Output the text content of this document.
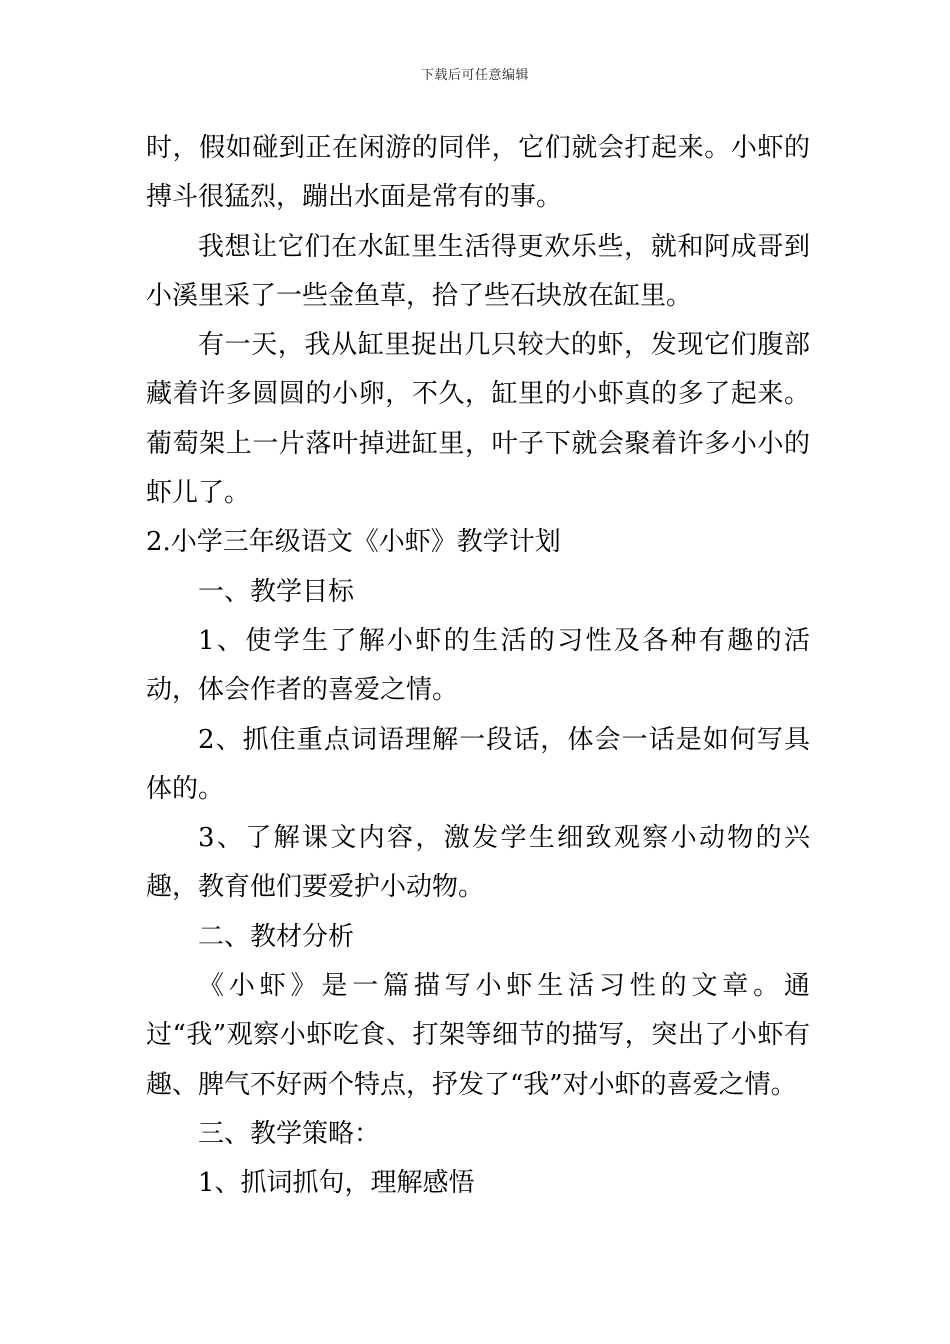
下载后可任意编辑

时，假如碰到正在闲游的同伴，它们就会打起来。小虾的搏斗很猛烈，蹦出水面是常有的事。

我想让它们在水缸里生活得更欢乐些，就和阿成哥到小溪里采了一些金鱼草，拾了些石块放在缸里。

有一天，我从缸里捉出几只较大的虾，发现它们腹部藏着许多圆圆的小卵，不久，缸里的小虾真的多了起来。葡萄架上一片落叶掉进缸里，叶子下就会聚着许多小小的虾儿了。

2.小学三年级语文《小虾》教学计划

一、教学目标

1、使学生了解小虾的生活的习性及各种有趣的活动，体会作者的喜爱之情。

2、抓住重点词语理解一段话，体会一话是如何写具体的。

3、了解课文内容，激发学生细致观察小动物的兴趣，教育他们要爱护小动物。

二、教材分析

《小虾》是一篇描写小虾生活习性的文章。通过“我”观察小虾吃食、打架等细节的描写，突出了小虾有趣、脾气不好两个特点，抒发了“我”对小虾的喜爱之情。

三、教学策略：

1、抓词抓句，理解感悟
